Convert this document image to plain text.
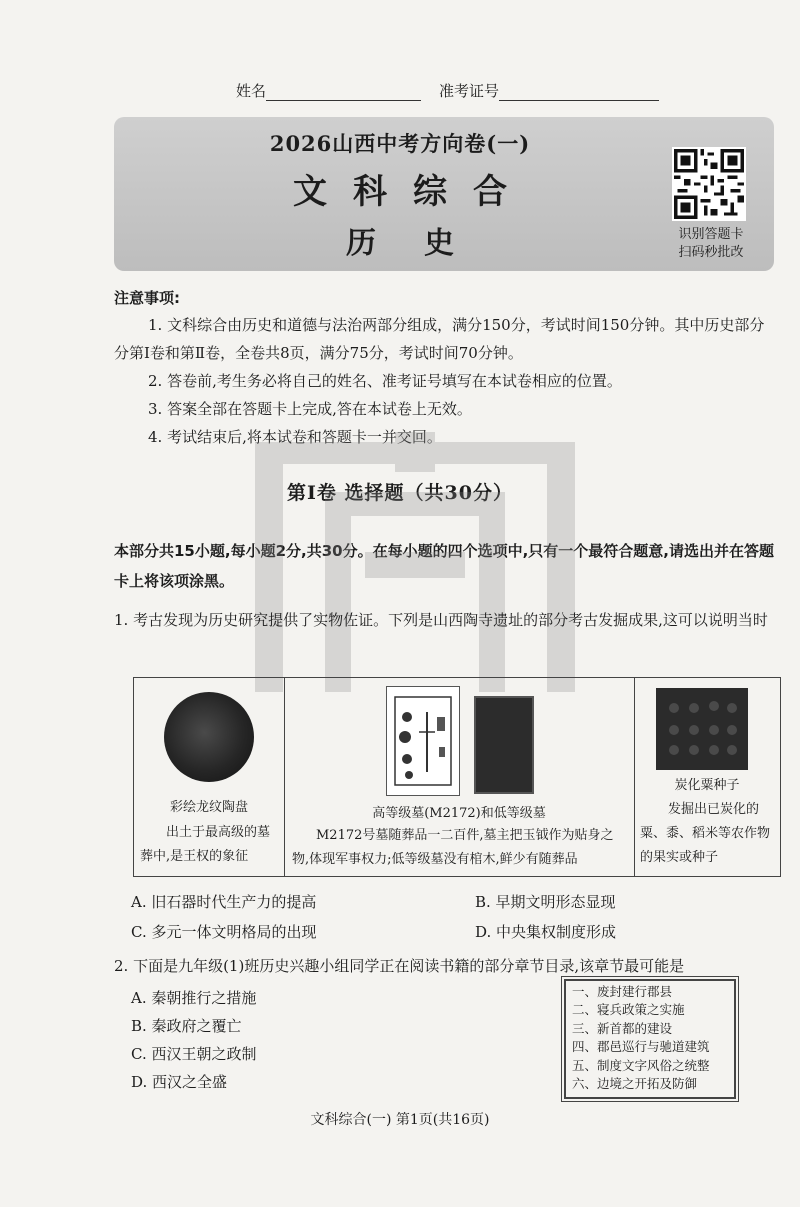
姓名	准考证号
2026山西中考方向卷(一)
文科综合
历史	识别答题卡
扫码秒批改
注意事项:
1. 文科综合由历史和道德与法治两部分组成，满分150分，考试时间150分钟。其中历史部分分第Ⅰ卷和第Ⅱ卷，全卷共8页，满分75分，考试时间70分钟。
2. 答卷前,考生务必将自己的姓名、准考证号填写在本试卷相应的位置。
3. 答案全部在答题卡上完成,答在本试卷上无效。
4. 考试结束后,将本试卷和答题卡一并交回。
第Ⅰ卷 选择题（共30分）
本部分共15小题,每小题2分,共30分。在每小题的四个选项中,只有一个最符合题意,请选出并在答题卡上将该项涂黑。
1. 考古发现为历史研究提供了实物佐证。下列是山西陶寺遗址的部分考古发掘成果,这可以说明当时
彩绘龙纹陶盘
出土于最高级的墓葬中,是王权的象征
高等级墓(M2172)和低等级墓
M2172号墓随葬品一二百件,墓主把玉钺作为贴身之物,体现军事权力;低等级墓没有棺木,鲜少有随葬品
炭化粟种子
发掘出已炭化的粟、黍、稻米等农作物的果实或种子
A. 旧石器时代生产力的提高	B. 早期文明形态显现
C. 多元一体文明格局的出现	D. 中央集权制度形成
2. 下面是九年级(1)班历史兴趣小组同学正在阅读书籍的部分章节目录,该章节最可能是
A. 秦朝推行之措施
B. 秦政府之覆亡
C. 西汉王朝之政制
D. 西汉之全盛
一、废封建行郡县
二、寝兵政策之实施
三、新首都的建设
四、郡邑巡行与驰道建筑
五、制度文字风俗之统整
六、边境之开拓及防御
文科综合(一) 第1页(共16页)
